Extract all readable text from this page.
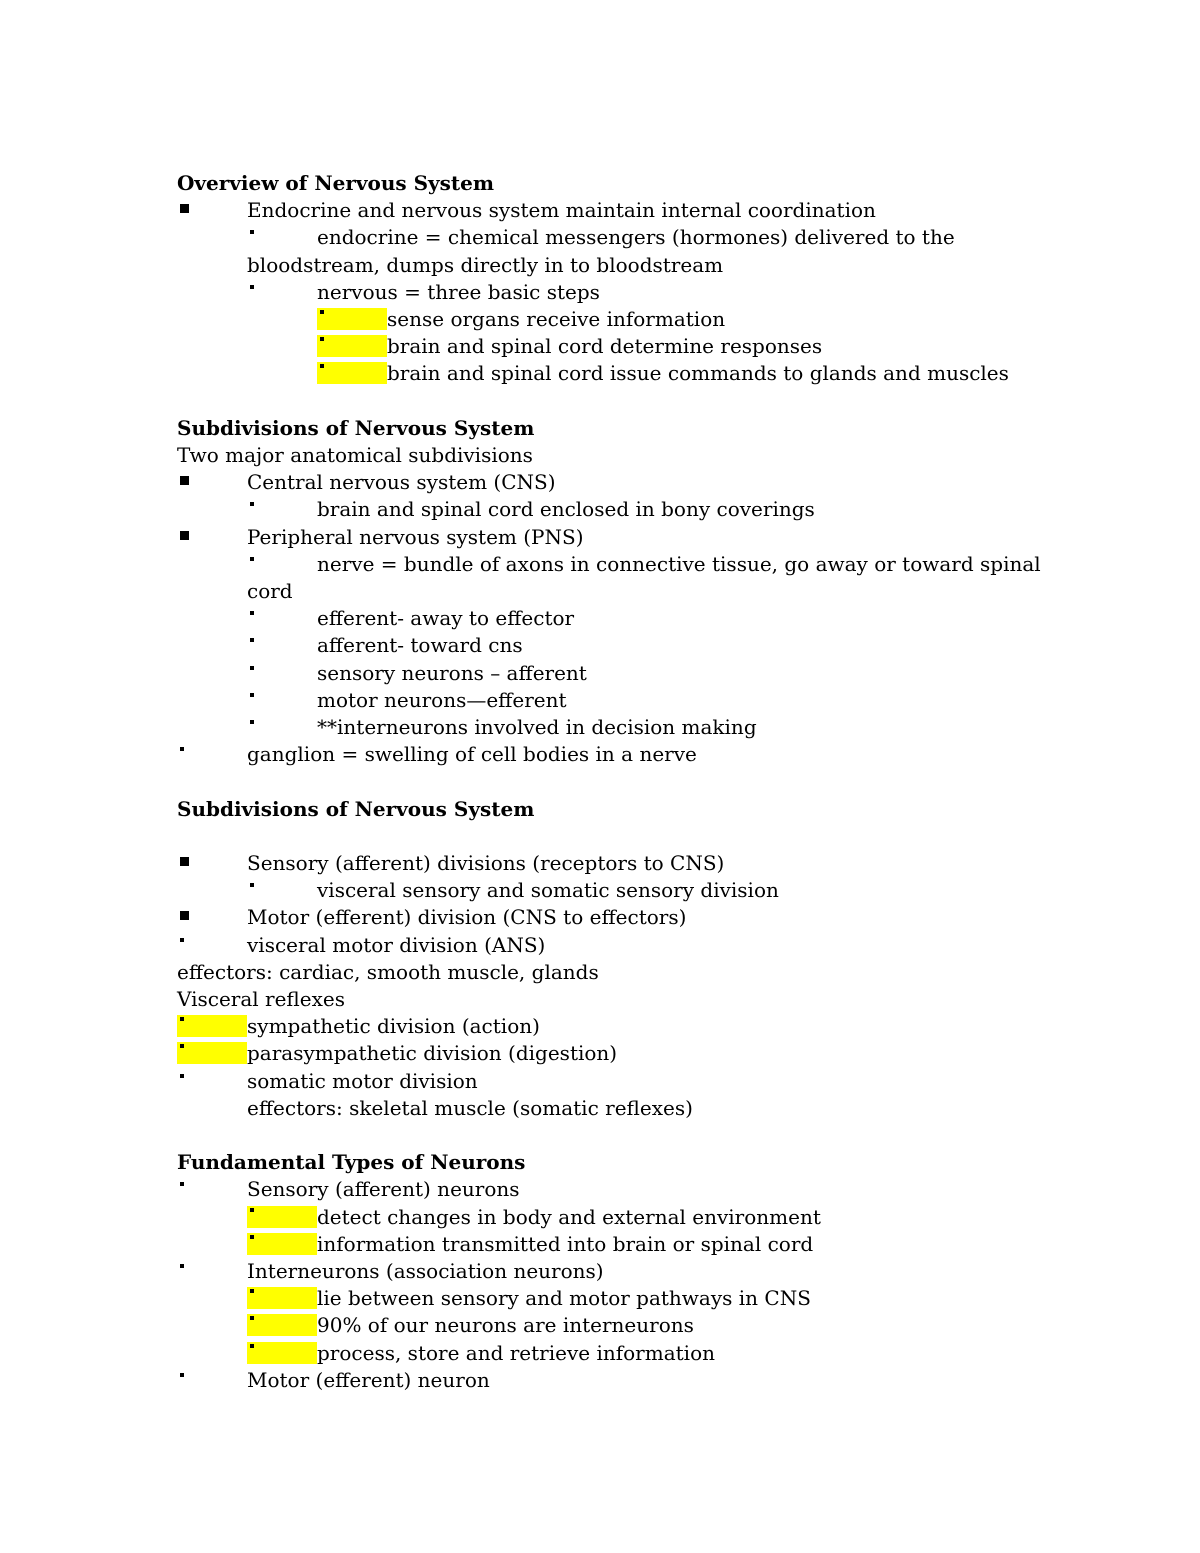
Overview of Nervous System
Endocrine and nervous system maintain internal coordination
endocrine = chemical messengers (hormones) delivered to the
bloodstream, dumps directly in to bloodstream
nervous = three basic steps
sense organs receive information
brain and spinal cord determine responses
brain and spinal cord issue commands to glands and muscles
Subdivisions of Nervous System
Two major anatomical subdivisions
Central nervous system (CNS)
brain and spinal cord enclosed in bony coverings
Peripheral nervous system (PNS)
nerve = bundle of axons in connective tissue, go away or toward spinal
cord
efferent- away to effector
afferent- toward cns
sensory neurons – afferent
motor neurons—efferent
**interneurons involved in decision making
ganglion = swelling of cell bodies in a nerve
Subdivisions of Nervous System
Sensory (afferent) divisions (receptors to CNS)
visceral sensory and somatic sensory division
Motor (efferent) division (CNS to effectors)
visceral motor division (ANS)
effectors: cardiac, smooth muscle, glands
Visceral reflexes
sympathetic division (action)
parasympathetic division (digestion)
somatic motor division
effectors: skeletal muscle (somatic reflexes)
Fundamental Types of Neurons
Sensory (afferent) neurons
detect changes in body and external environment
information transmitted into brain or spinal cord
Interneurons (association neurons)
lie between sensory and motor pathways in CNS
90% of our neurons are interneurons
process, store and retrieve information
Motor (efferent) neuron
